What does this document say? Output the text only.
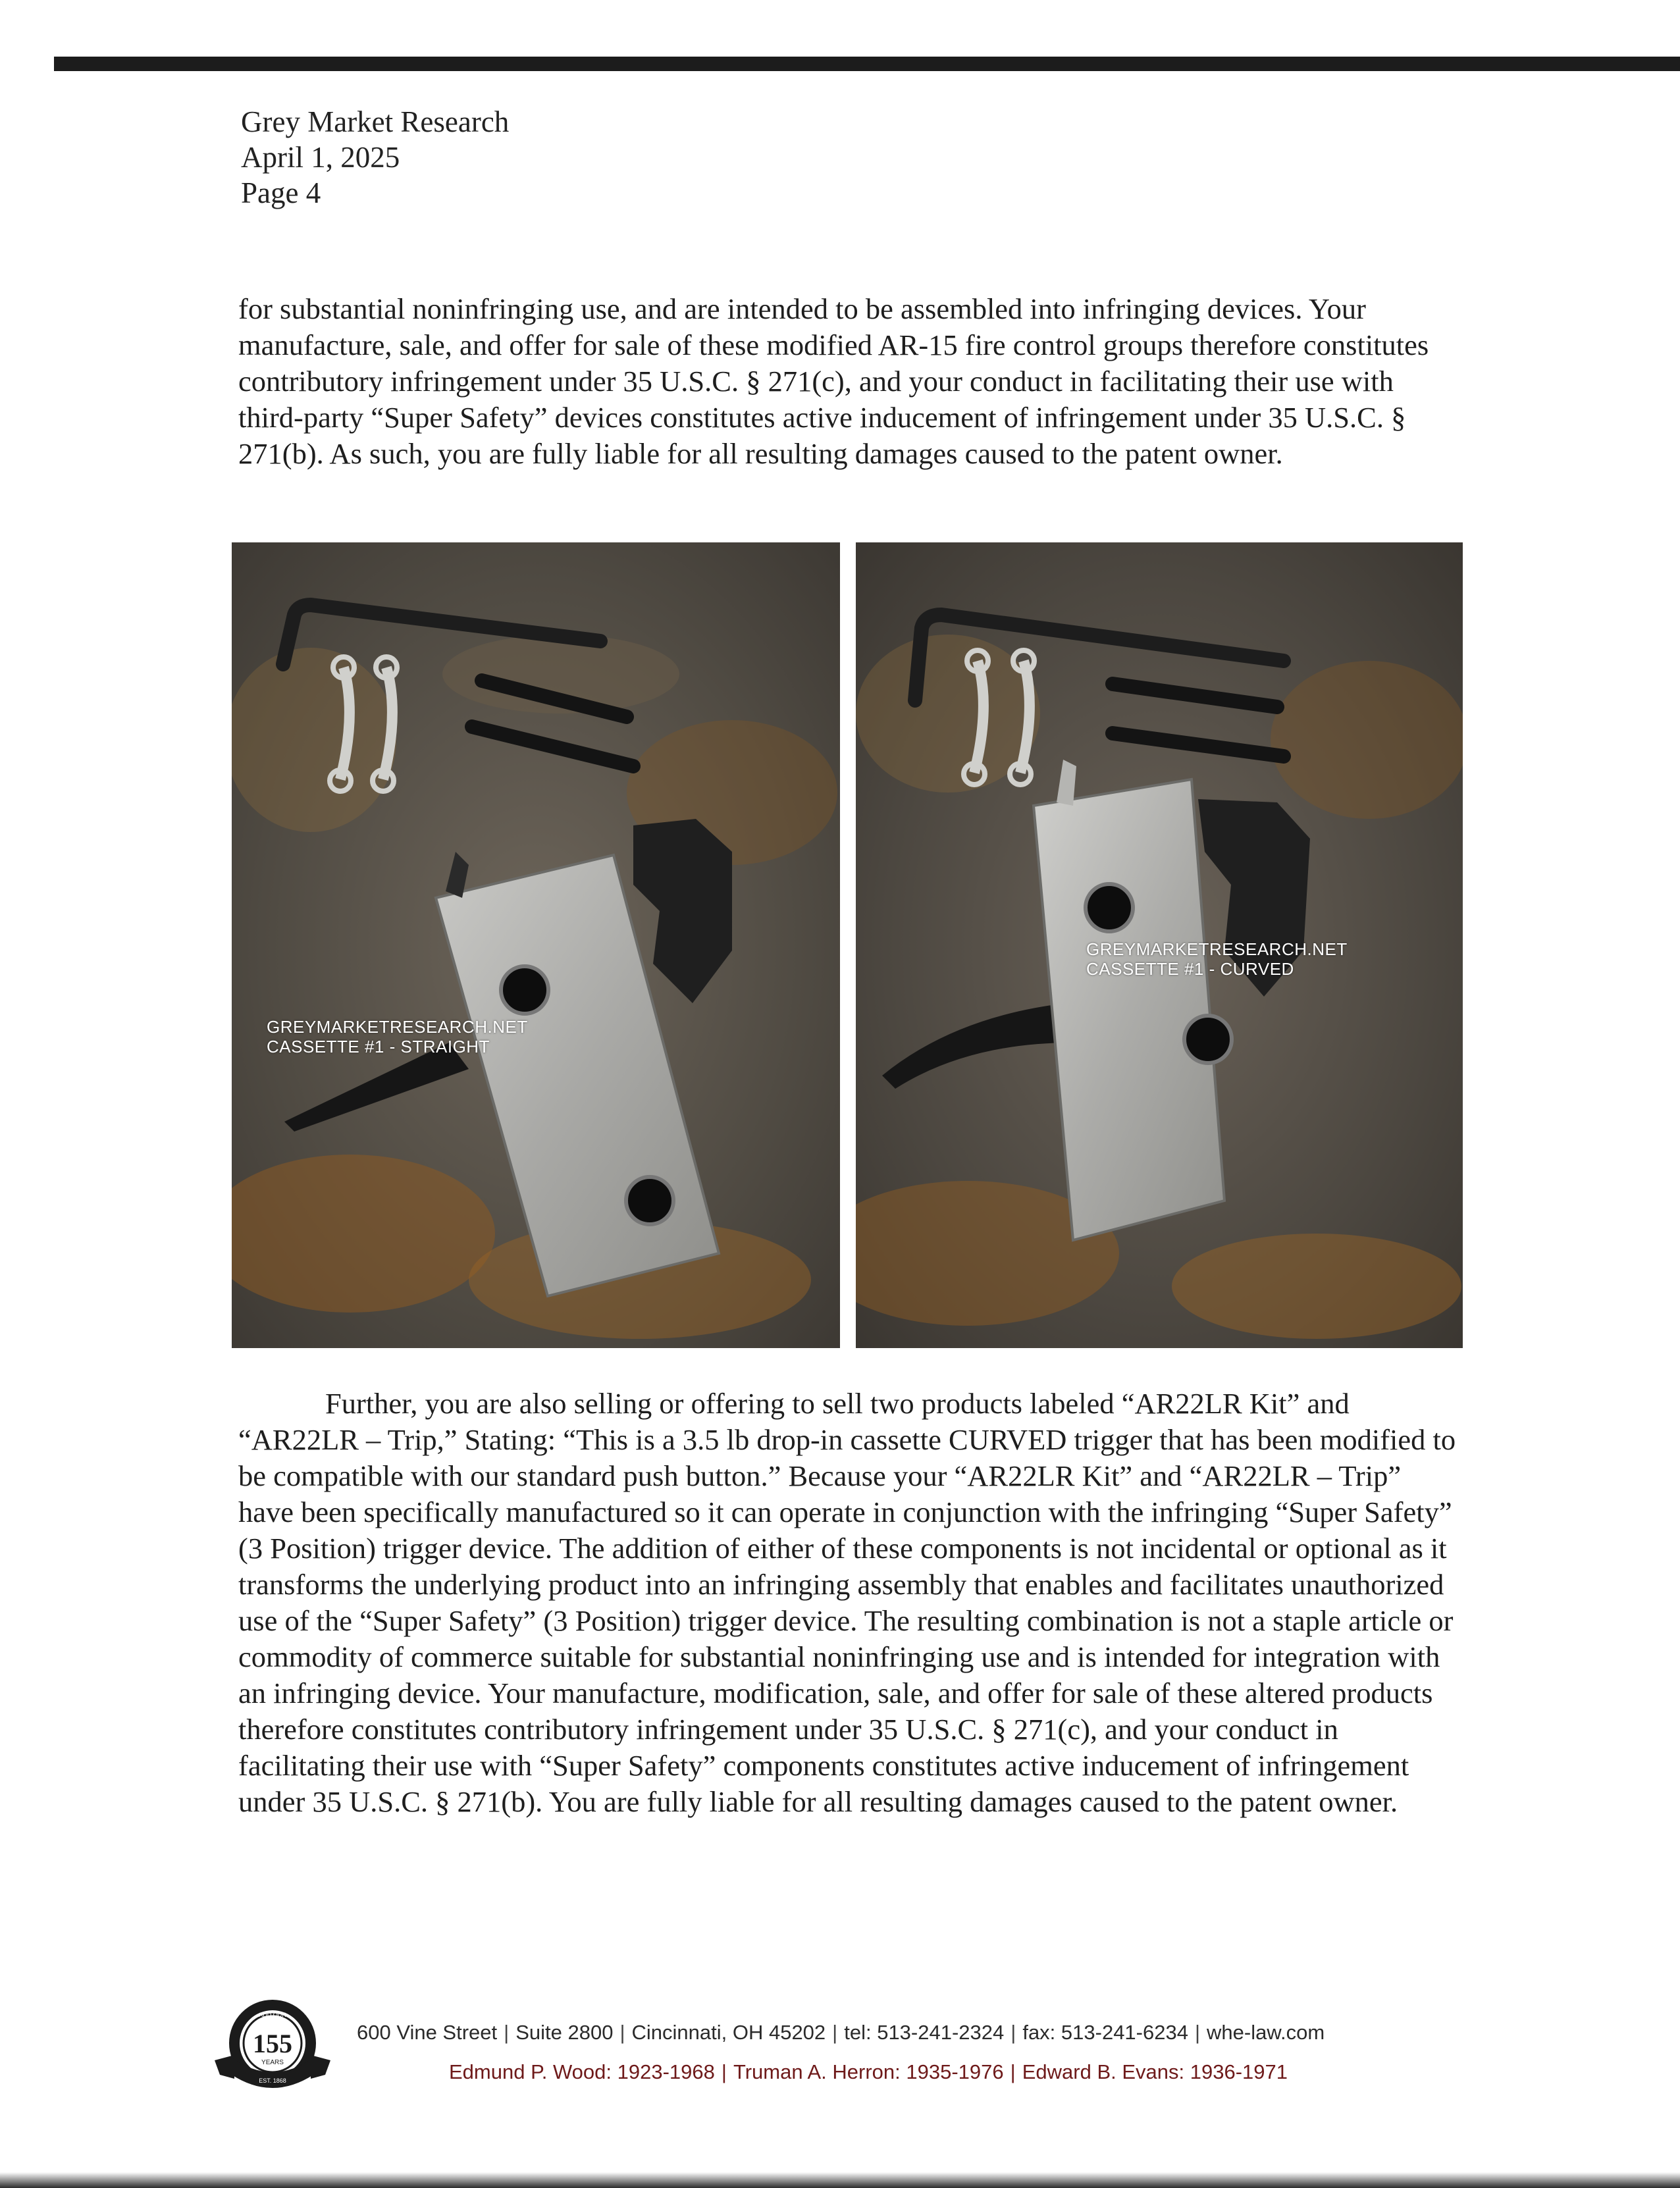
Grey Market Research
April 1, 2025
Page 4
for substantial noninfringing use, and are intended to be assembled into infringing devices. Your manufacture, sale, and offer for sale of these modified AR-15 fire control groups therefore constitutes contributory infringement under 35 U.S.C. § 271(c), and your conduct in facilitating their use with third-party “Super Safety” devices constitutes active inducement of infringement under 35 U.S.C. § 271(b). As such, you are fully liable for all resulting damages caused to the patent owner.
GREYMARKETRESEARCH.NET
CASSETTE #1 - STRAIGHT
GREYMARKETRESEARCH.NET
CASSETTE #1 - CURVED
Further, you are also selling or offering to sell two products labeled “AR22LR Kit” and “AR22LR – Trip,” Stating: “This is a 3.5 lb drop-in cassette CURVED trigger that has been modified to be compatible with our standard push button.” Because your “AR22LR Kit” and “AR22LR – Trip” have been specifically manufactured so it can operate in conjunction with the infringing “Super Safety” (3 Position) trigger device. The addition of either of these components is not incidental or optional as it transforms the underlying product into an infringing assembly that enables and facilitates unauthorized use of the “Super Safety” (3 Position) trigger device. The resulting combination is not a staple article or commodity of commerce suitable for substantial noninfringing use and is intended for integration with an infringing device. Your manufacture, modification, sale, and offer for sale of these altered products therefore constitutes contributory infringement under 35 U.S.C. § 271(c), and your conduct in facilitating their use with “Super Safety” components constitutes active inducement of infringement under 35 U.S.C. § 271(b). You are fully liable for all resulting damages caused to the patent owner.
ADD OUR
155
YEARS
EST. 1868
600 Vine Street | Suite 2800 | Cincinnati, OH 45202 | tel: 513-241-2324 | fax: 513-241-6234 | whe-law.com
Edmund P. Wood: 1923-1968 | Truman A. Herron: 1935-1976 | Edward B. Evans: 1936-1971
